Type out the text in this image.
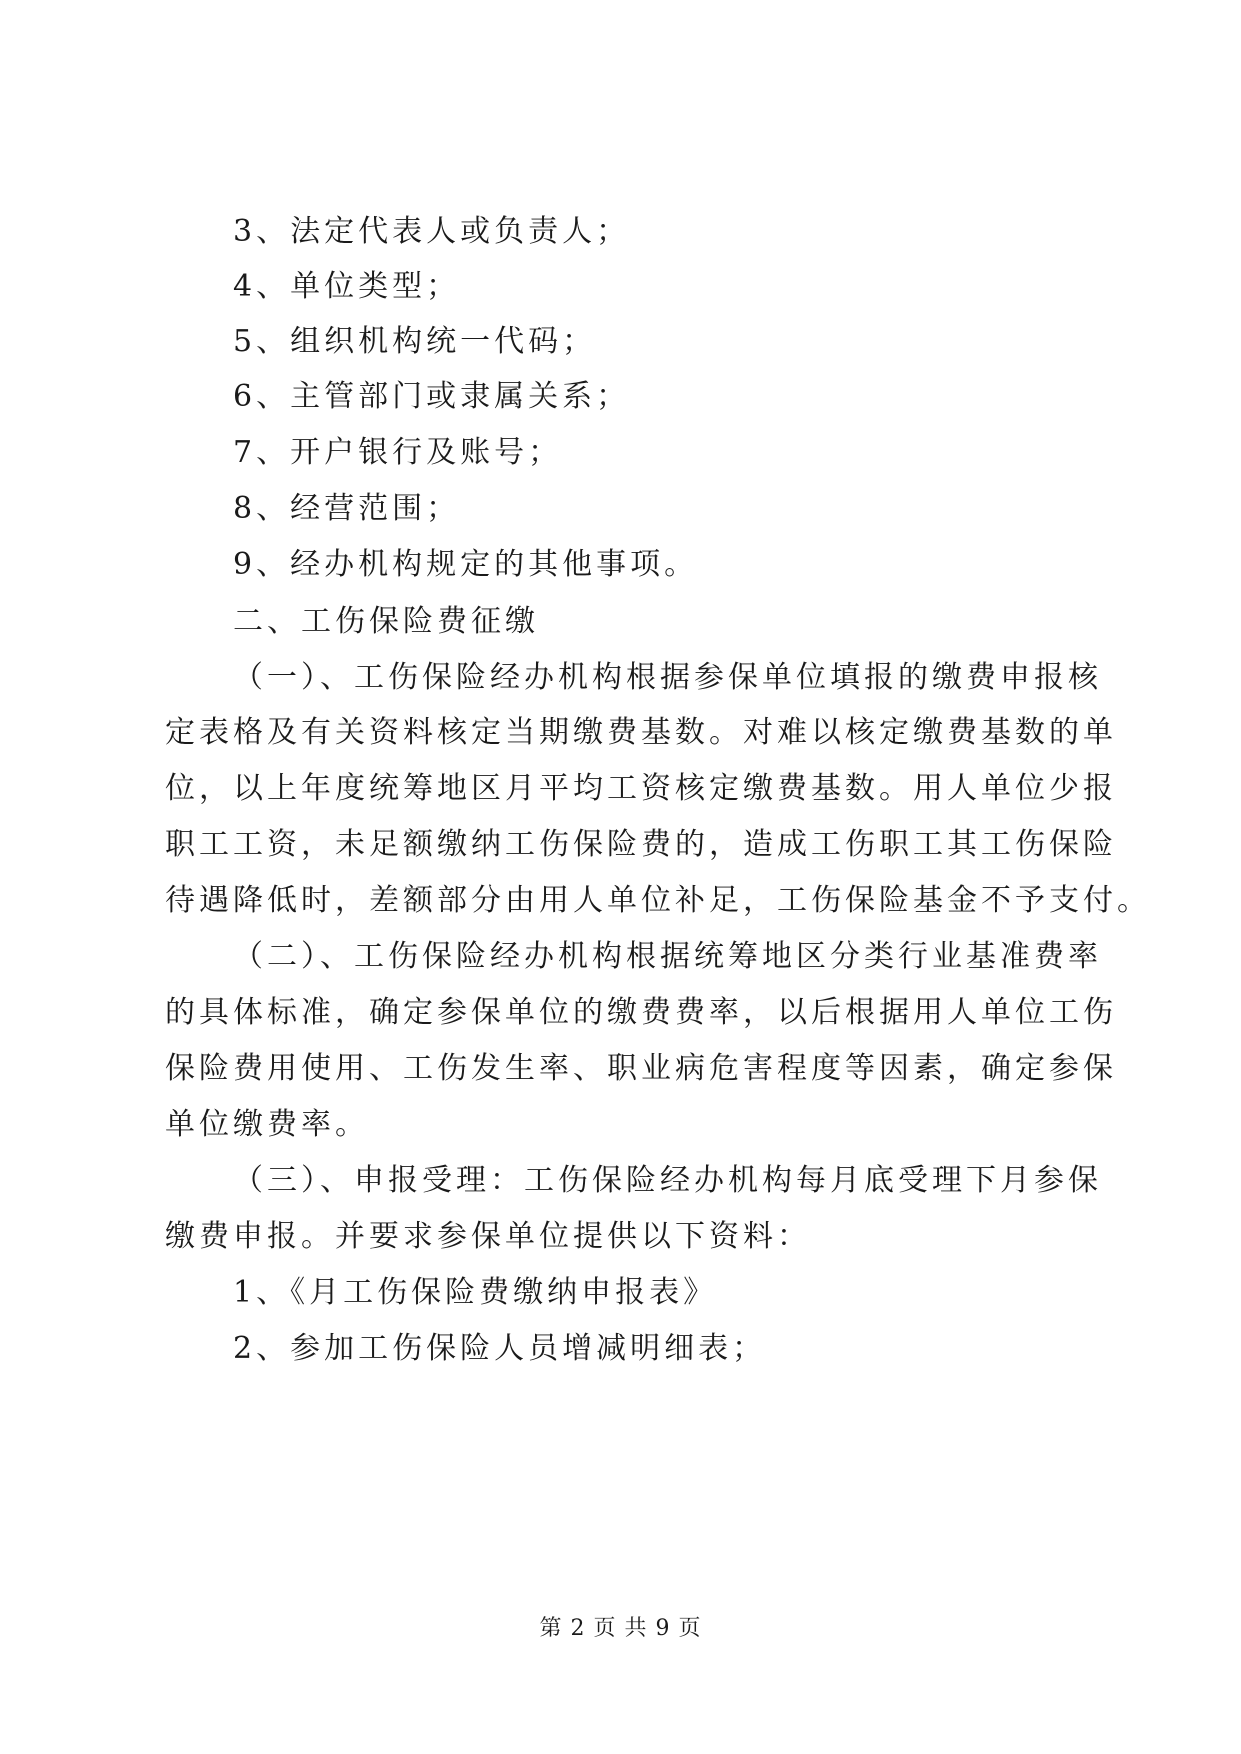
3、法定代表人或负责人；
4、单位类型；
5、组织机构统一代码；
6、主管部门或隶属关系；
7、开户银行及账号；
8、经营范围；
9、经办机构规定的其他事项。
二、工伤保险费征缴
（一）、工伤保险经办机构根据参保单位填报的缴费申报核
定表格及有关资料核定当期缴费基数。对难以核定缴费基数的单
位，以上年度统筹地区月平均工资核定缴费基数。用人单位少报
职工工资，未足额缴纳工伤保险费的，造成工伤职工其工伤保险
待遇降低时，差额部分由用人单位补足，工伤保险基金不予支付。
（二）、工伤保险经办机构根据统筹地区分类行业基准费率
的具体标准，确定参保单位的缴费费率，以后根据用人单位工伤
保险费用使用、工伤发生率、职业病危害程度等因素，确定参保
单位缴费率。
（三）、申报受理：工伤保险经办机构每月底受理下月参保
缴费申报。并要求参保单位提供以下资料：
1、《月工伤保险费缴纳申报表》
2、参加工伤保险人员增减明细表；
第 2 页 共 9 页
